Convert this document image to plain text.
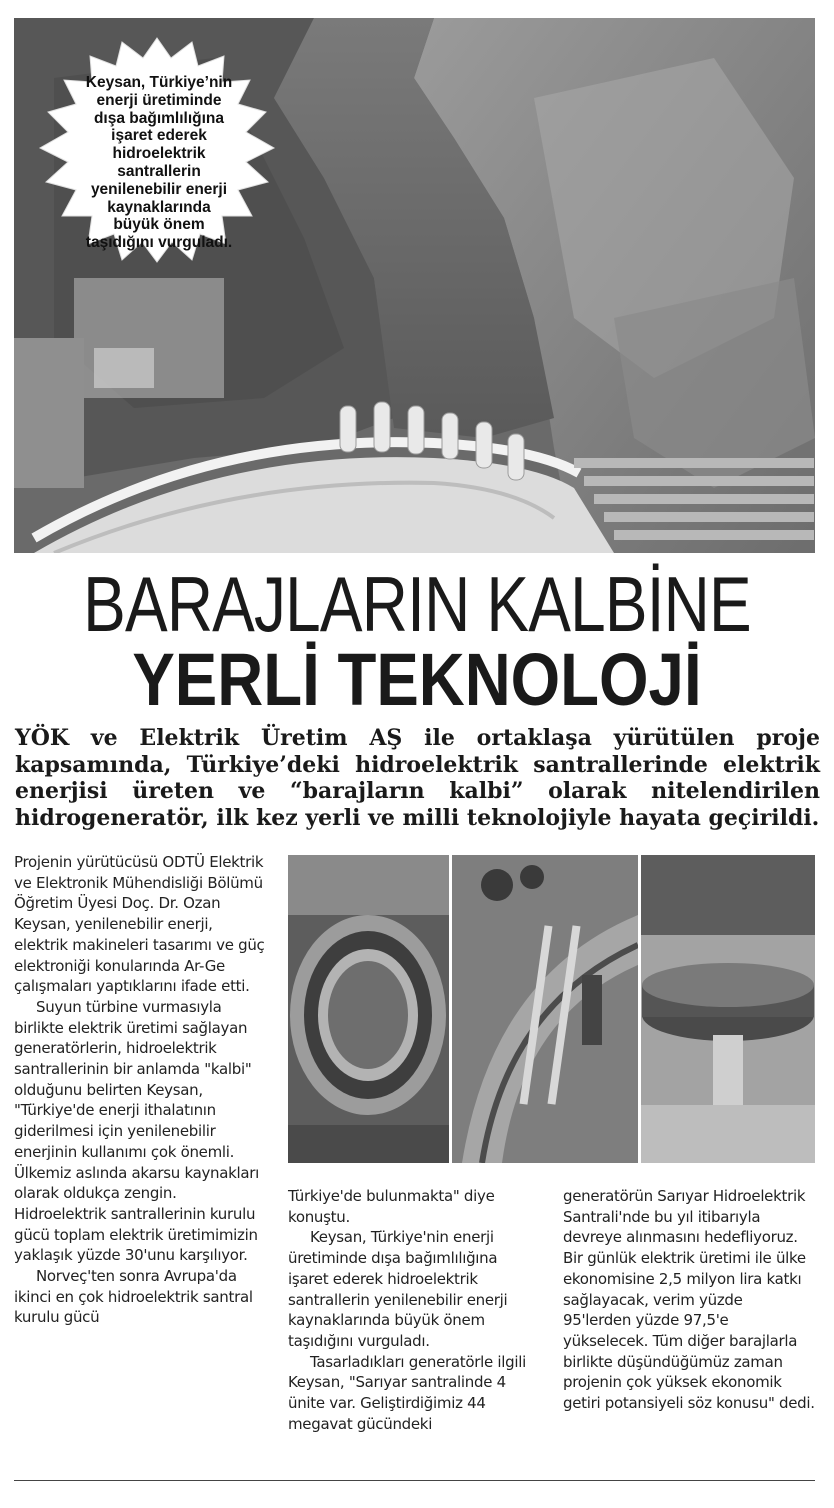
Keysan, Türkiye’nin enerji üretiminde dışa bağımlılığına işaret ederek hidroelektrik santrallerin yenilenebilir enerji kaynaklarında büyük önem taşıdığını vurguladı.
BARAJLARIN KALBİNE
YERLİ TEKNOLOJİ
YÖK ve Elektrik Üretim AŞ ile ortaklaşa yürütülen proje kapsamında, Türkiye’deki hidroelektrik santrallerinde elektrik enerjisi üreten ve “barajların kalbi” olarak nitelendirilen hidrogeneratör, ilk kez yerli ve milli teknolojiyle hayata geçirildi.

Projenin yürütücüsü ODTÜ Elektrik ve Elektronik Mühendisliği Bölümü Öğretim Üyesi Doç. Dr. Ozan Keysan, yenilenebilir enerji, elektrik makineleri tasarımı ve güç elektroniği konularında Ar-Ge çalışmaları yaptıklarını ifade etti.

Suyun türbine vurmasıyla birlikte elektrik üretimi sağlayan generatörlerin, hidroelektrik santrallerinin bir anlamda "kalbi" olduğunu belirten Keysan, "Türkiye'de enerji ithalatının giderilmesi için yenilenebilir enerjinin kullanımı çok önemli. Ülkemiz aslında akarsu kaynakları olarak oldukça zengin. Hidroelektrik santrallerinin kurulu gücü toplam elektrik üretimimizin yaklaşık yüzde 30'unu karşılıyor.

Norveç'ten sonra Avrupa'da ikinci en çok hidroelektrik santral kurulu gücü

Türkiye'de bulunmakta" diye konuştu.

Keysan, Türkiye'nin enerji üretiminde dışa bağımlılığına işaret ederek hidroelektrik santrallerin yenilenebilir enerji kaynaklarında büyük önem taşıdığını vurguladı.

Tasarladıkları generatörle ilgili Keysan, "Sarıyar santralinde 4 ünite var. Geliştirdiğimiz 44 megavat gücündeki

generatörün Sarıyar Hidroelektrik Santrali'nde bu yıl itibarıyla devreye alınmasını hedefliyoruz. Bir günlük elektrik üretimi ile ülke ekonomisine 2,5 milyon lira katkı sağlayacak, verim yüzde 95'lerden yüzde 97,5'e yükselecek. Tüm diğer barajlarla birlikte düşündüğümüz zaman projenin çok yüksek ekonomik getiri potansiyeli söz konusu" dedi.
